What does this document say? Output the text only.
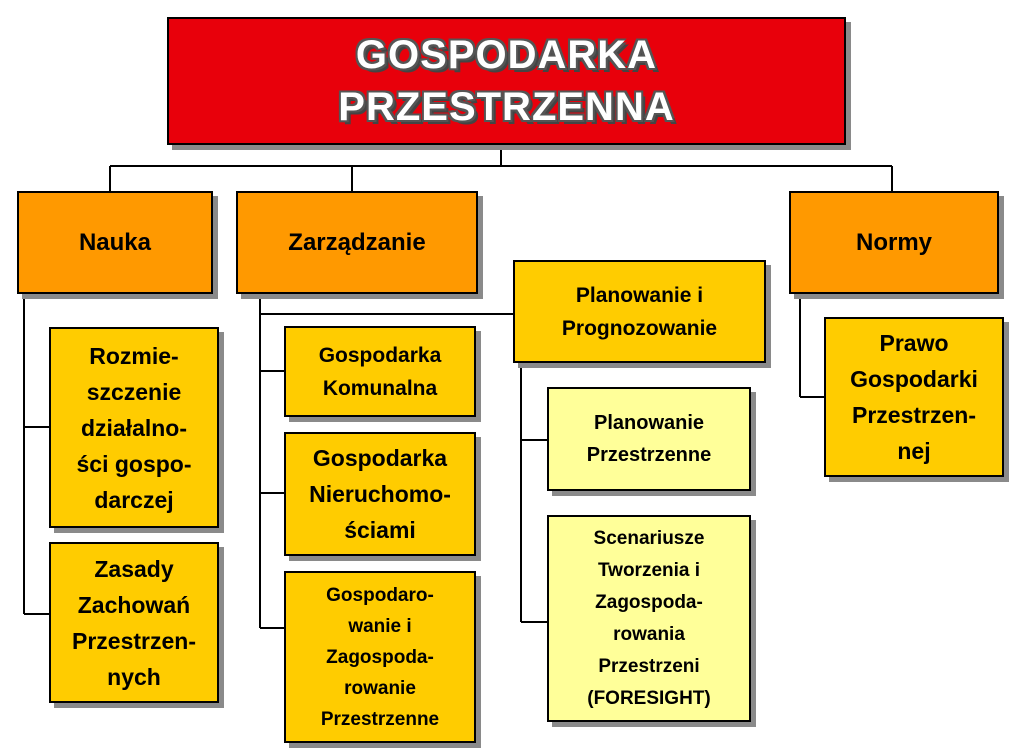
GOSPODARKA
PRZESTRZENNA
Nauka	Zarządzanie	Normy
Rozmie-
szczenie
działalno-
ści gospo-
darczej
Zasady
Zachowań
Przestrzen-
nych
Gospodarka
Komunalna
Gospodarka
Nieruchomo-
ściami
Gospodaro-
wanie i
Zagospoda-
rowanie
Przestrzenne
Planowanie i
Prognozowanie
Planowanie
Przestrzenne
Scenariusze
Tworzenia i
Zagospoda-
rowania
Przestrzeni
(FORESIGHT)
Prawo
Gospodarki
Przestrzen-
nej
